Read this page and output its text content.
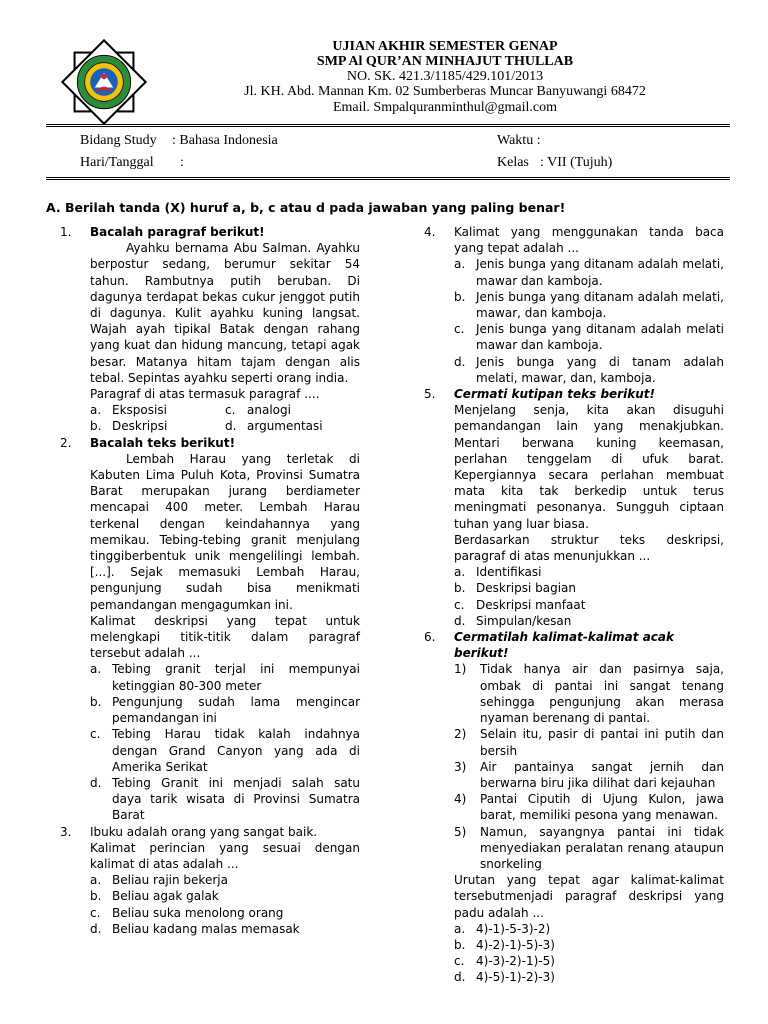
UJIAN AKHIR SEMESTER GENAP
SMP Al QUR’AN MINHAJUT THULLAB
NO. SK. 421.3/1185/429.101/2013
Jl. KH. Abd. Mannan Km. 02 Sumberberas Muncar Banyuwangi 68472
Email. Smpalquranminthul@gmail.com
Bidang Study : Bahasa Indonesia
Hari/Tanggal :
Waktu :
Kelas : VII (Tujuh)
A. Berilah tanda (X) huruf a, b, c atau d pada jawaban yang paling benar!
1. Bacalah paragraf berikut!
Ayahku bernama Abu Salman. Ayahku berpostur sedang, berumur sekitar 54 tahun. Rambutnya putih beruban. Di dagunya terdapat bekas cukur jenggot putih di dagunya. Kulit ayahku kuning langsat. Wajah ayah tipikal Batak dengan rahang yang kuat dan hidung mancung, tetapi agak besar. Matanya hitam tajam dengan alis tebal. Sepintas ayahku seperti orang india.
Paragraf di atas termasuk paragraf ....
a. Eksposisi	c. analogi
b. Deskripsi	d. argumentasi
2. Bacalah teks berikut!
Lembah Harau yang terletak di Kabuten Lima Puluh Kota, Provinsi Sumatra Barat merupakan jurang berdiameter mencapai 400 meter. Lembah Harau terkenal dengan keindahannya yang memikau. Tebing-tebing granit menjulang tinggiberbentuk unik mengelilingi lembah. [...]. Sejak memasuki Lembah Harau, pengunjung sudah bisa menikmati pemandangan mengagumkan ini.
Kalimat deskripsi yang tepat untuk melengkapi titik-titik dalam paragraf tersebut adalah ...
a. Tebing granit terjal ini mempunyai ketinggian 80-300 meter
b. Pengunjung sudah lama mengincar pemandangan ini
c. Tebing Harau tidak kalah indahnya dengan Grand Canyon yang ada di Amerika Serikat
d. Tebing Granit ini menjadi salah satu daya tarik wisata di Provinsi Sumatra Barat
3. Ibuku adalah orang yang sangat baik.
Kalimat perincian yang sesuai dengan kalimat di atas adalah ...
a. Beliau rajin bekerja
b. Beliau agak galak
c. Beliau suka menolong orang
d. Beliau kadang malas memasak
4. Kalimat yang menggunakan tanda baca yang tepat adalah ...
a. Jenis bunga yang ditanam adalah melati, mawar dan kamboja.
b. Jenis bunga yang ditanam adalah melati, mawar, dan kamboja.
c. Jenis bunga yang ditanam adalah melati mawar dan kamboja.
d. Jenis bunga yang di tanam adalah melati, mawar, dan, kamboja.
5. Cermati kutipan teks berikut!
Menjelang senja, kita akan disuguhi pemandangan lain yang menakjubkan. Mentari berwana kuning keemasan, perlahan tenggelam di ufuk barat. Kepergiannya secara perlahan membuat mata kita tak berkedip untuk terus meningmati pesonanya. Sungguh ciptaan tuhan yang luar biasa.
Berdasarkan struktur teks deskripsi, paragraf di atas menunjukkan ...
a. Identifikasi
b. Deskripsi bagian
c. Deskripsi manfaat
d. Simpulan/kesan
6. Cermatilah kalimat-kalimat acak berikut!
1) Tidak hanya air dan pasirnya saja, ombak di pantai ini sangat tenang sehingga pengunjung akan merasa nyaman berenang di pantai.
2) Selain itu, pasir di pantai ini putih dan bersih
3) Air pantainya sangat jernih dan berwarna biru jika dilihat dari kejauhan
4) Pantai Ciputih di Ujung Kulon, jawa barat, memiliki pesona yang menawan.
5) Namun, sayangnya pantai ini tidak menyediakan peralatan renang ataupun snorkeling
Urutan yang tepat agar kalimat-kalimat tersebutmenjadi paragraf deskripsi yang padu adalah ...
a. 4)-1)-5-3)-2)
b. 4)-2)-1)-5)-3)
c. 4)-3)-2)-1)-5)
d. 4)-5)-1)-2)-3)
